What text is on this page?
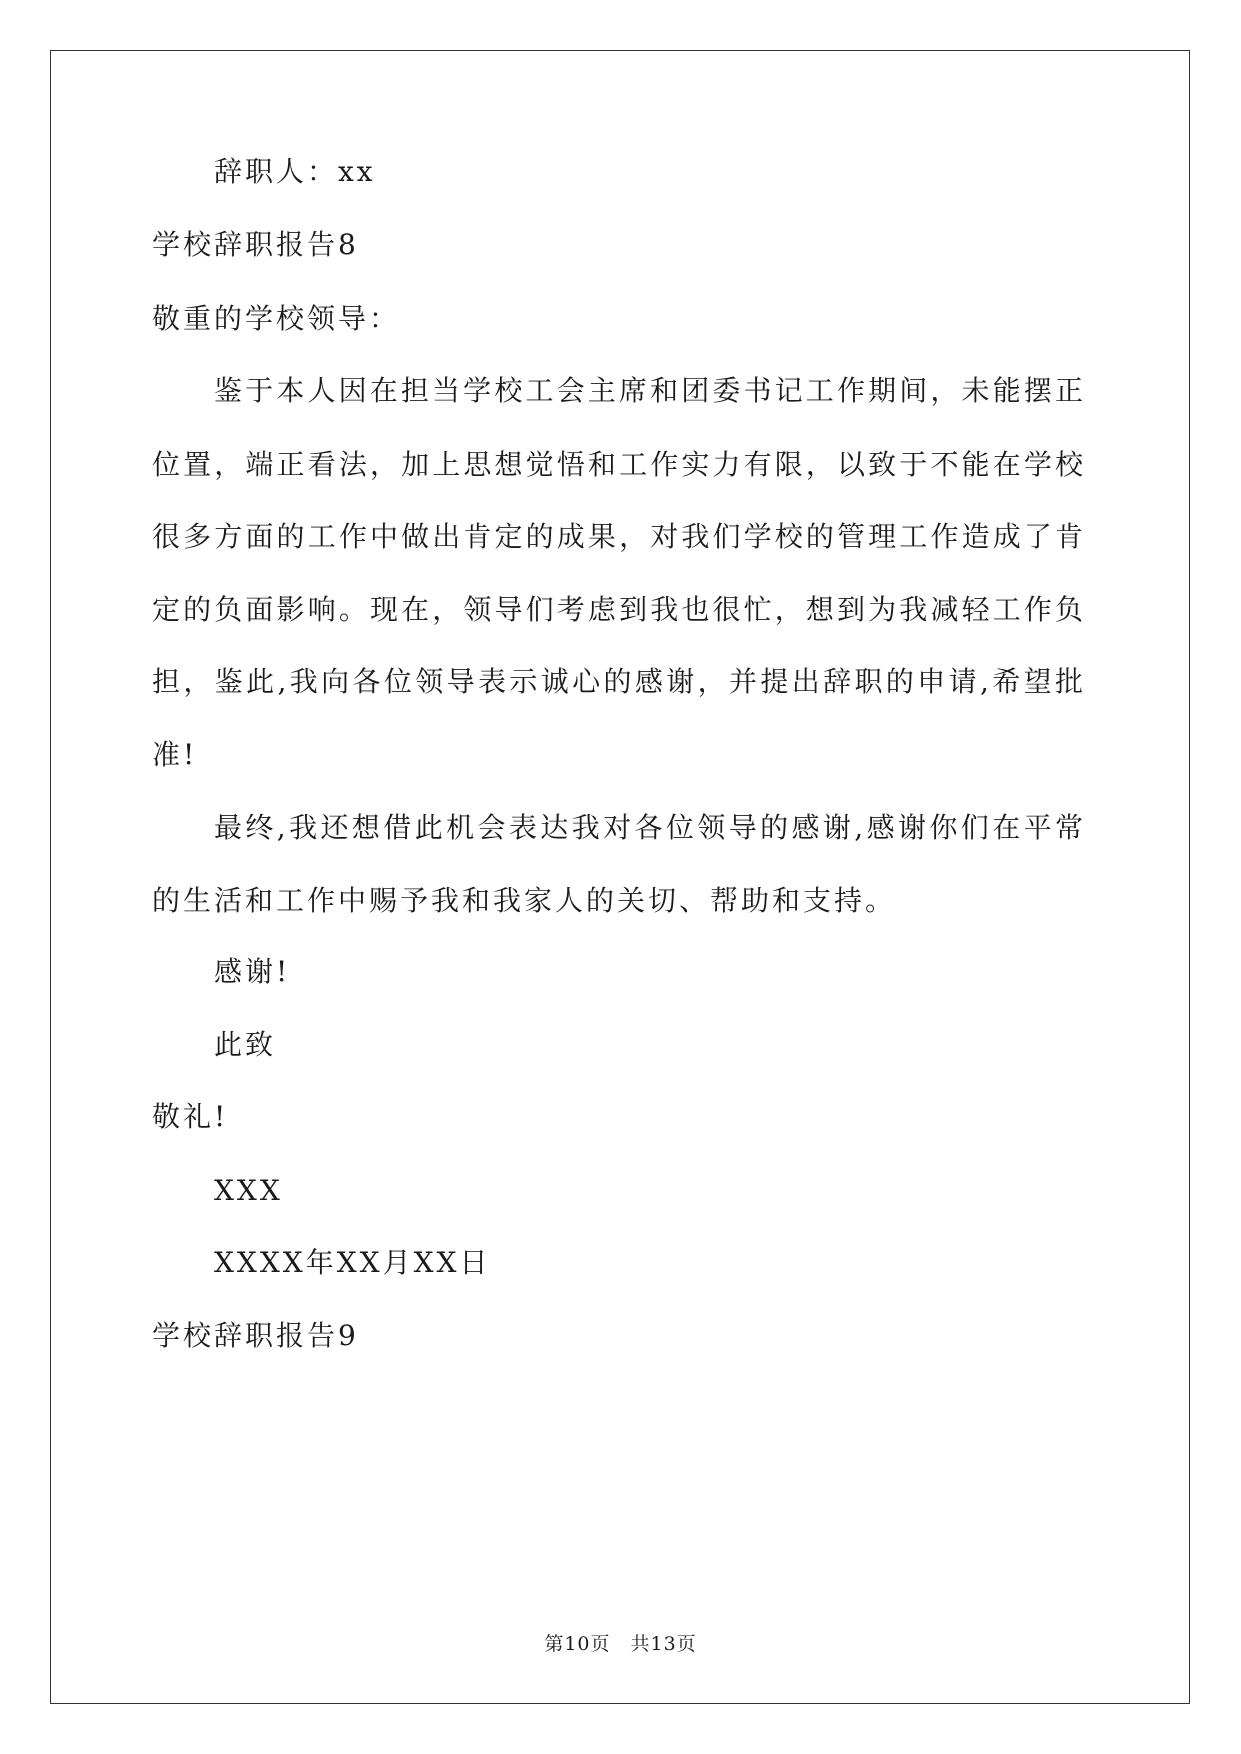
辞职人：xx
学校辞职报告8
敬重的学校领导：
鉴于本人因在担当学校工会主席和团委书记工作期间，未能摆正
位置，端正看法，加上思想觉悟和工作实力有限，以致于不能在学校
很多方面的工作中做出肯定的成果，对我们学校的管理工作造成了肯
定的负面影响。现在，领导们考虑到我也很忙，想到为我减轻工作负
担，鉴此,我向各位领导表示诚心的感谢，并提出辞职的申请,希望批
准!
最终,我还想借此机会表达我对各位领导的感谢,感谢你们在平常
的生活和工作中赐予我和我家人的关切、帮助和支持。
感谢!
此致
敬礼!
XXX
XXXX年XX月XX日
学校辞职报告9
第10页　共13页
